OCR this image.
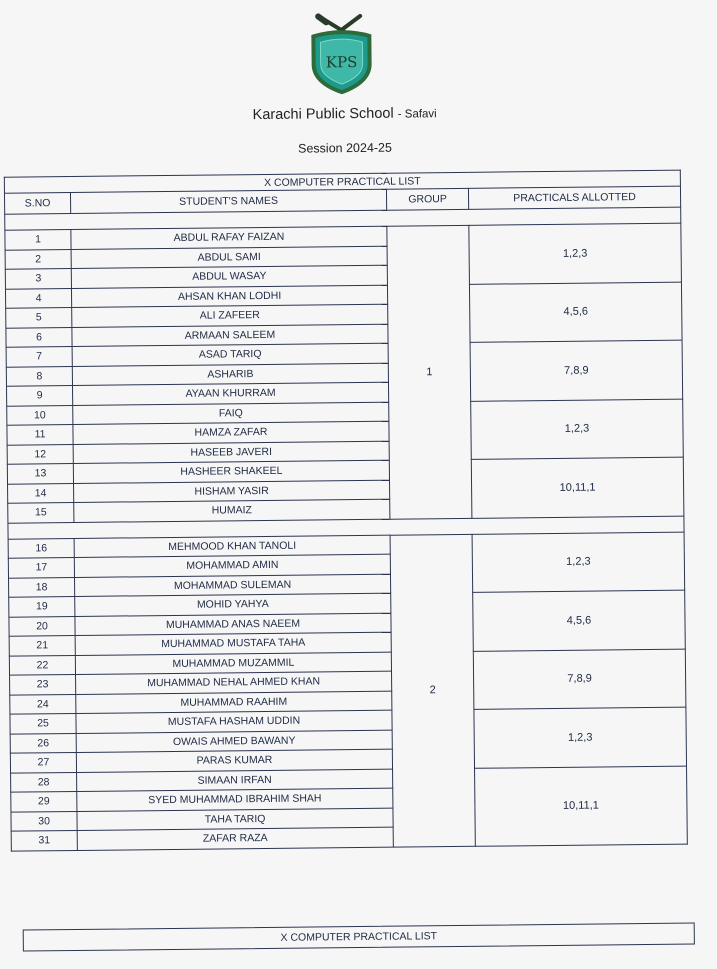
KPS
Karachi Public School - Safavi
Session 2024-25
X COMPUTER PRACTICAL LIST			
S.NO	STUDENT'S NAMES	GROUP	PRACTICALS ALLOTTED

1	ABDUL RAFAY FAIZAN	1	1,2,3
2	ABDUL SAMI		
3	ABDUL WASAY		
4	AHSAN KHAN LODHI		4,5,6
5	ALI ZAFEER		
6	ARMAAN SALEEM		
7	ASAD TARIQ		7,8,9
8	ASHARIB		
9	AYAAN KHURRAM		
10	FAIQ		1,2,3
11	HAMZA ZAFAR		
12	HASEEB JAVERI		
13	HASHEER SHAKEEL		10,11,1
14	HISHAM YASIR		
15	HUMAIZ		

16	MEHMOOD KHAN TANOLI	2	1,2,3
17	MOHAMMAD AMIN		
18	MOHAMMAD SULEMAN		
19	MOHID YAHYA		4,5,6
20	MUHAMMAD ANAS NAEEM		
21	MUHAMMAD MUSTAFA TAHA		
22	MUHAMMAD MUZAMMIL		7,8,9
23	MUHAMMAD NEHAL AHMED KHAN		
24	MUHAMMAD RAAHIM		
25	MUSTAFA HASHAM UDDIN		1,2,3
26	OWAIS AHMED BAWANY		
27	PARAS KUMAR		
28	SIMAAN IRFAN		10,11,1
29	SYED MUHAMMAD IBRAHIM SHAH		
30	TAHA TARIQ		
31	ZAFAR RAZA		
X COMPUTER PRACTICAL LIST
